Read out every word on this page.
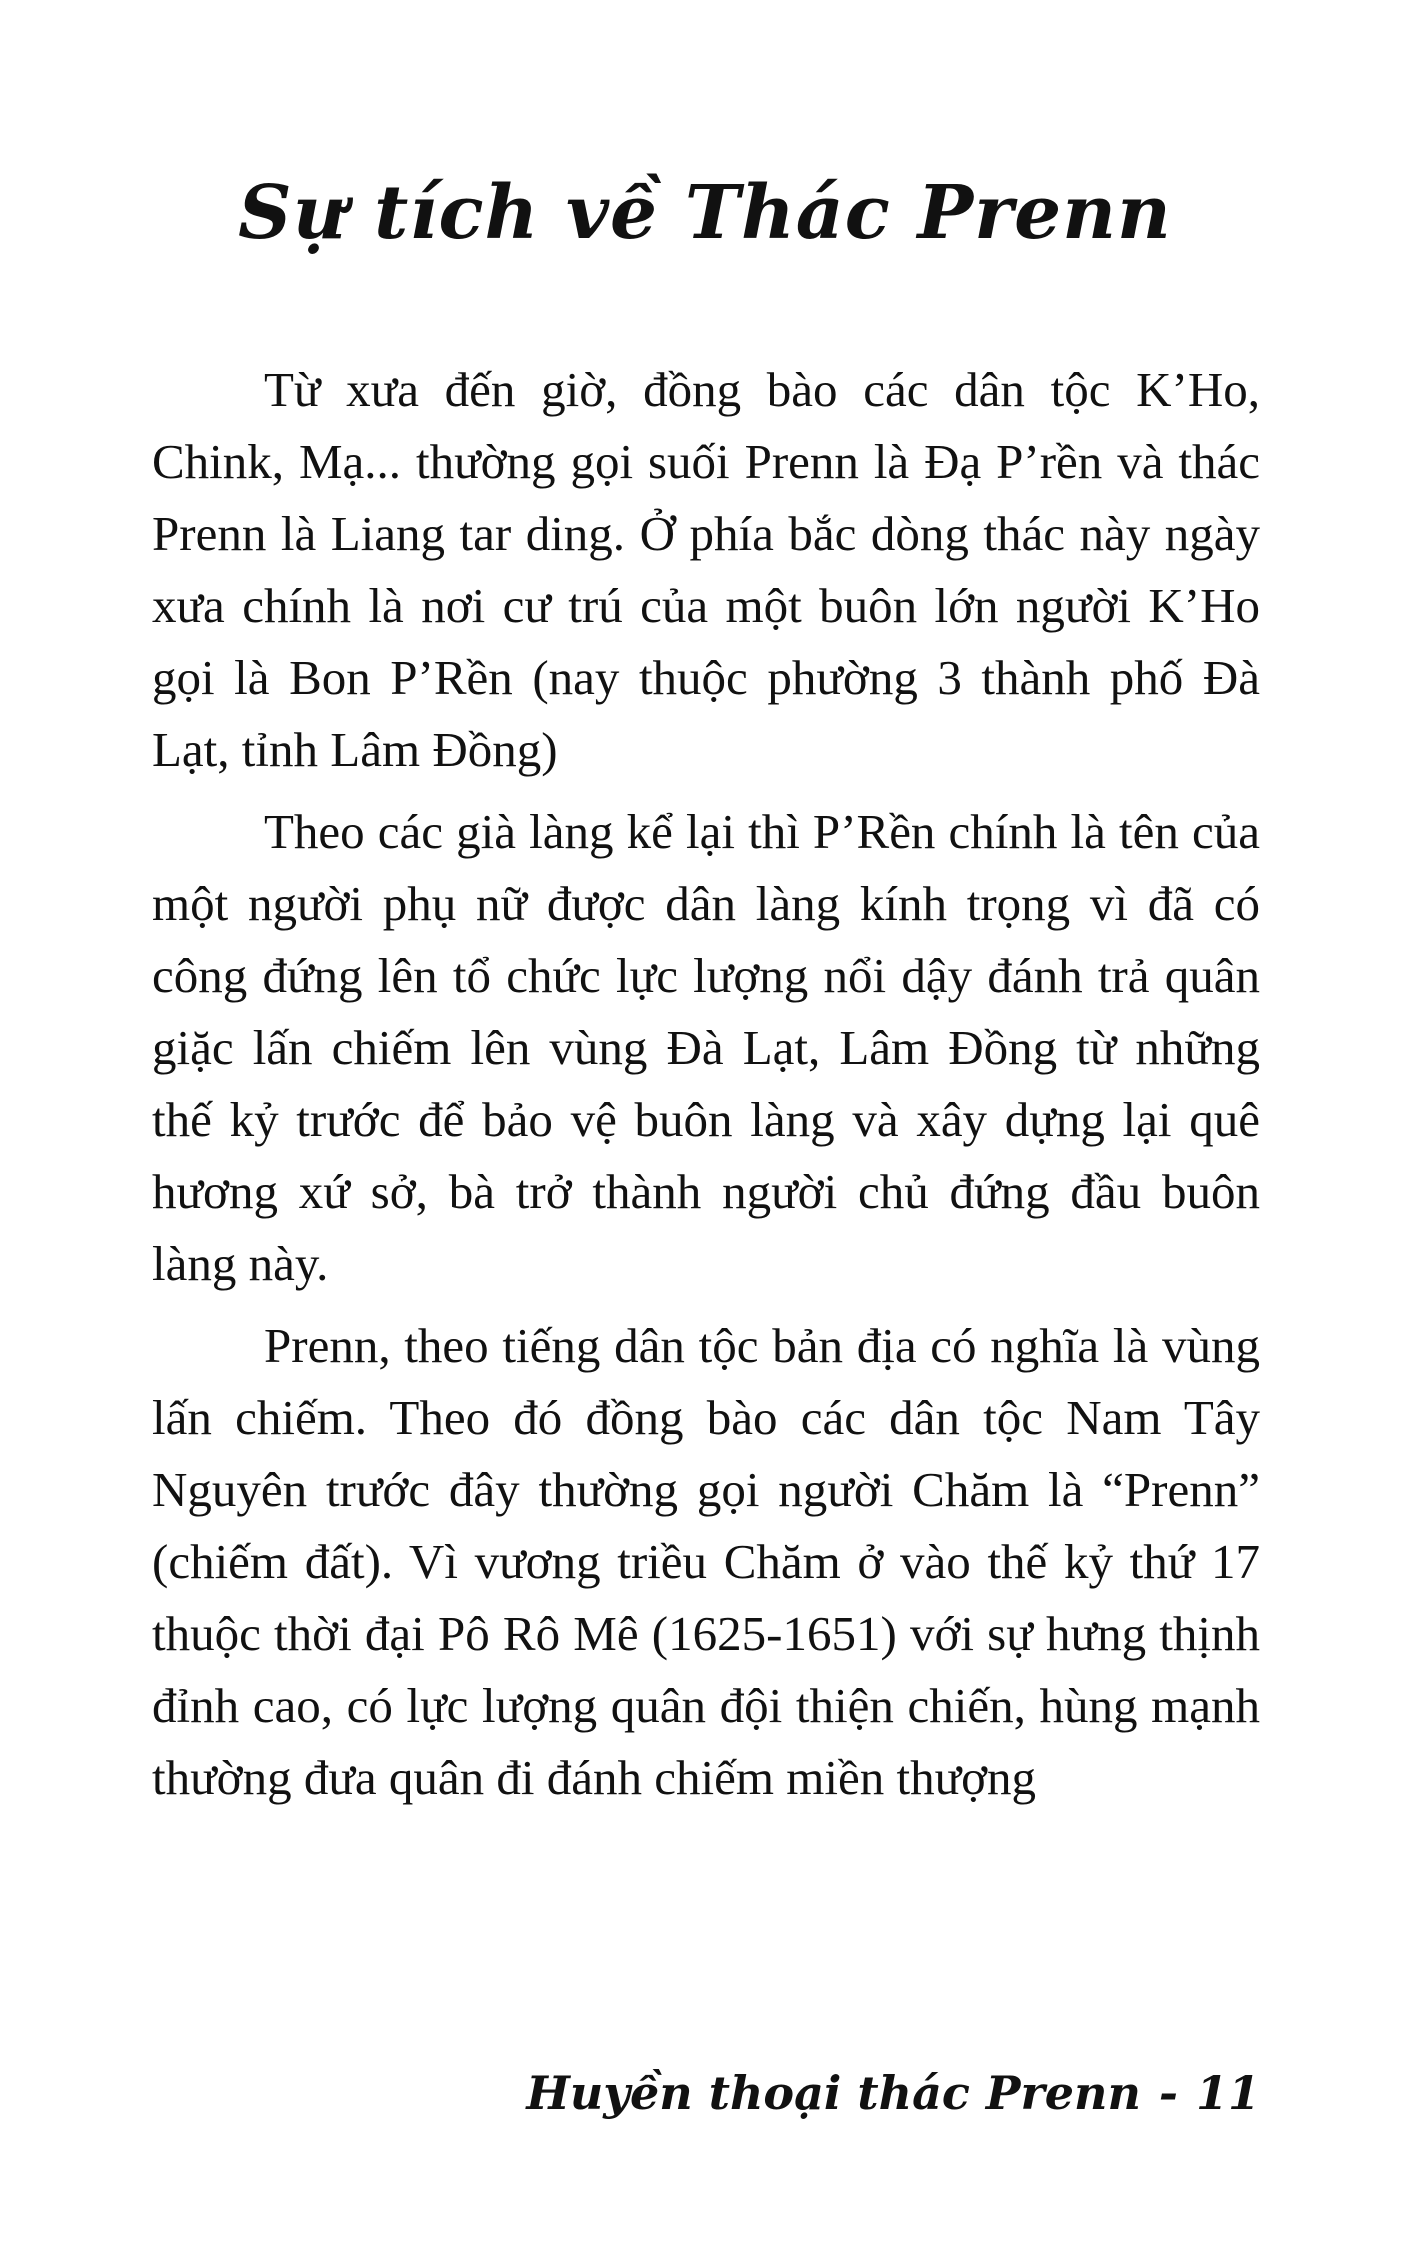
Sự tích về Thác Prenn

Từ xưa đến giờ, đồng bào các dân tộc K’Ho, Chink, Mạ... thường gọi suối Prenn là Đạ P’rền và thác Prenn là Liang tar ding. Ở phía bắc dòng thác này ngày xưa chính là nơi cư trú của một buôn lớn người K’Ho gọi là Bon P’Rền (nay thuộc phường 3 thành phố Đà Lạt, tỉnh Lâm Đồng)

Theo các già làng kể lại thì P’Rền chính là tên của một người phụ nữ được dân làng kính trọng vì đã có công đứng lên tổ chức lực lượng nổi dậy đánh trả quân giặc lấn chiếm lên vùng Đà Lạt, Lâm Đồng từ những thế kỷ trước để bảo vệ buôn làng và xây dựng lại quê hương xứ sở, bà trở thành người chủ đứng đầu buôn làng này.

Prenn, theo tiếng dân tộc bản địa có nghĩa là vùng lấn chiếm. Theo đó đồng bào các dân tộc Nam Tây Nguyên trước đây thường gọi người Chăm là “Prenn” (chiếm đất). Vì vương triều Chăm ở vào thế kỷ thứ 17 thuộc thời đại Pô Rô Mê (1625-1651) với sự hưng thịnh đỉnh cao, có lực lượng quân đội thiện chiến, hùng mạnh thường đưa quân đi đánh chiếm miền thượng

Huyền thoại thác Prenn - 11
